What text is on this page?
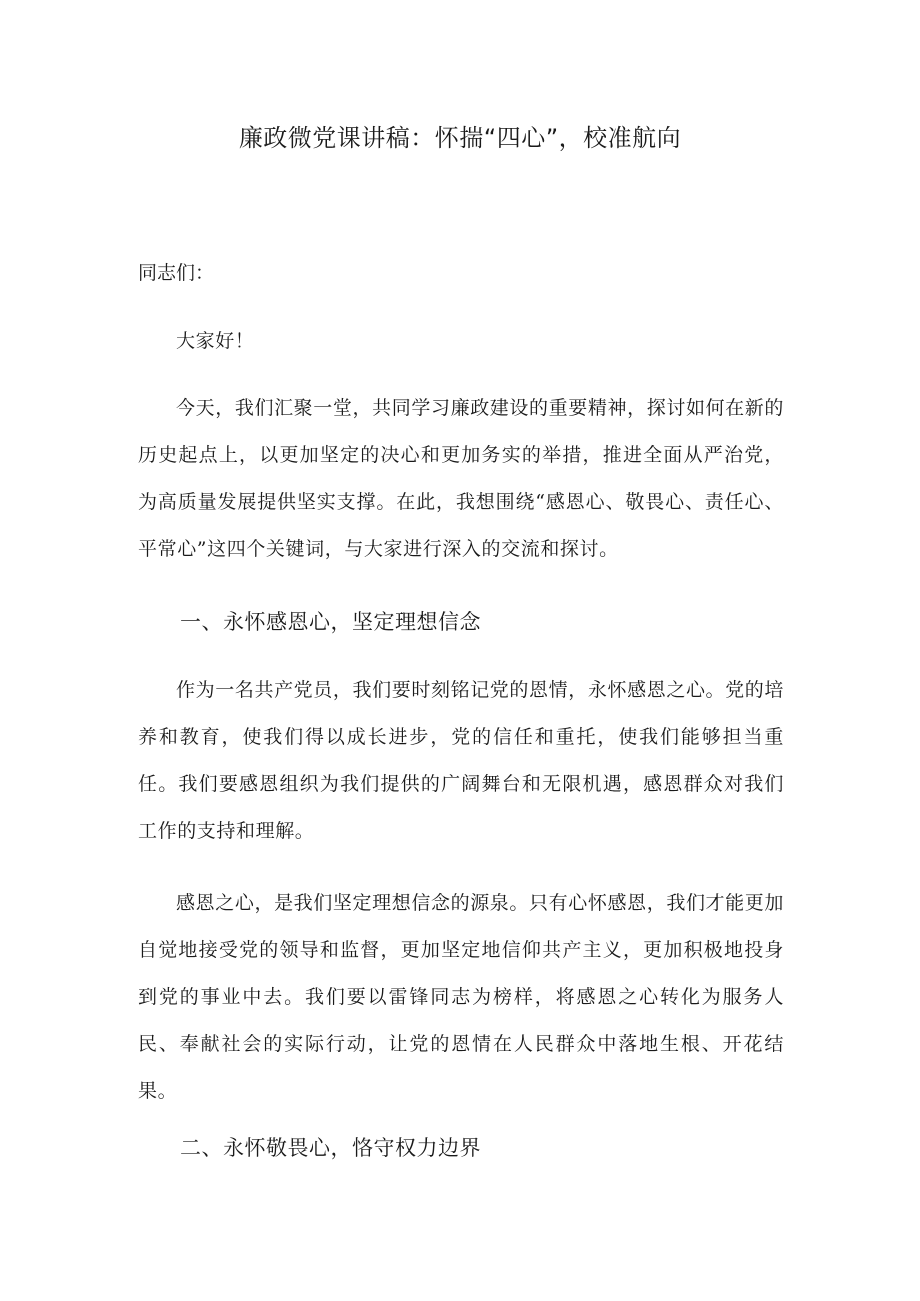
廉政微党课讲稿：怀揣“四心”，校准航向

同志们：

大家好！

今天，我们汇聚一堂，共同学习廉政建设的重要精神，探讨如何在新的历史起点上，以更加坚定的决心和更加务实的举措，推进全面从严治党，为高质量发展提供坚实支撑。在此，我想围绕“感恩心、敬畏心、责任心、平常心”这四个关键词，与大家进行深入的交流和探讨。

一、永怀感恩心，坚定理想信念

作为一名共产党员，我们要时刻铭记党的恩情，永怀感恩之心。党的培养和教育，使我们得以成长进步，党的信任和重托，使我们能够担当重任。我们要感恩组织为我们提供的广阔舞台和无限机遇，感恩群众对我们工作的支持和理解。

感恩之心，是我们坚定理想信念的源泉。只有心怀感恩，我们才能更加自觉地接受党的领导和监督，更加坚定地信仰共产主义，更加积极地投身到党的事业中去。我们要以雷锋同志为榜样，将感恩之心转化为服务人民、奉献社会的实际行动，让党的恩情在人民群众中落地生根、开花结果。

二、永怀敬畏心，恪守权力边界
